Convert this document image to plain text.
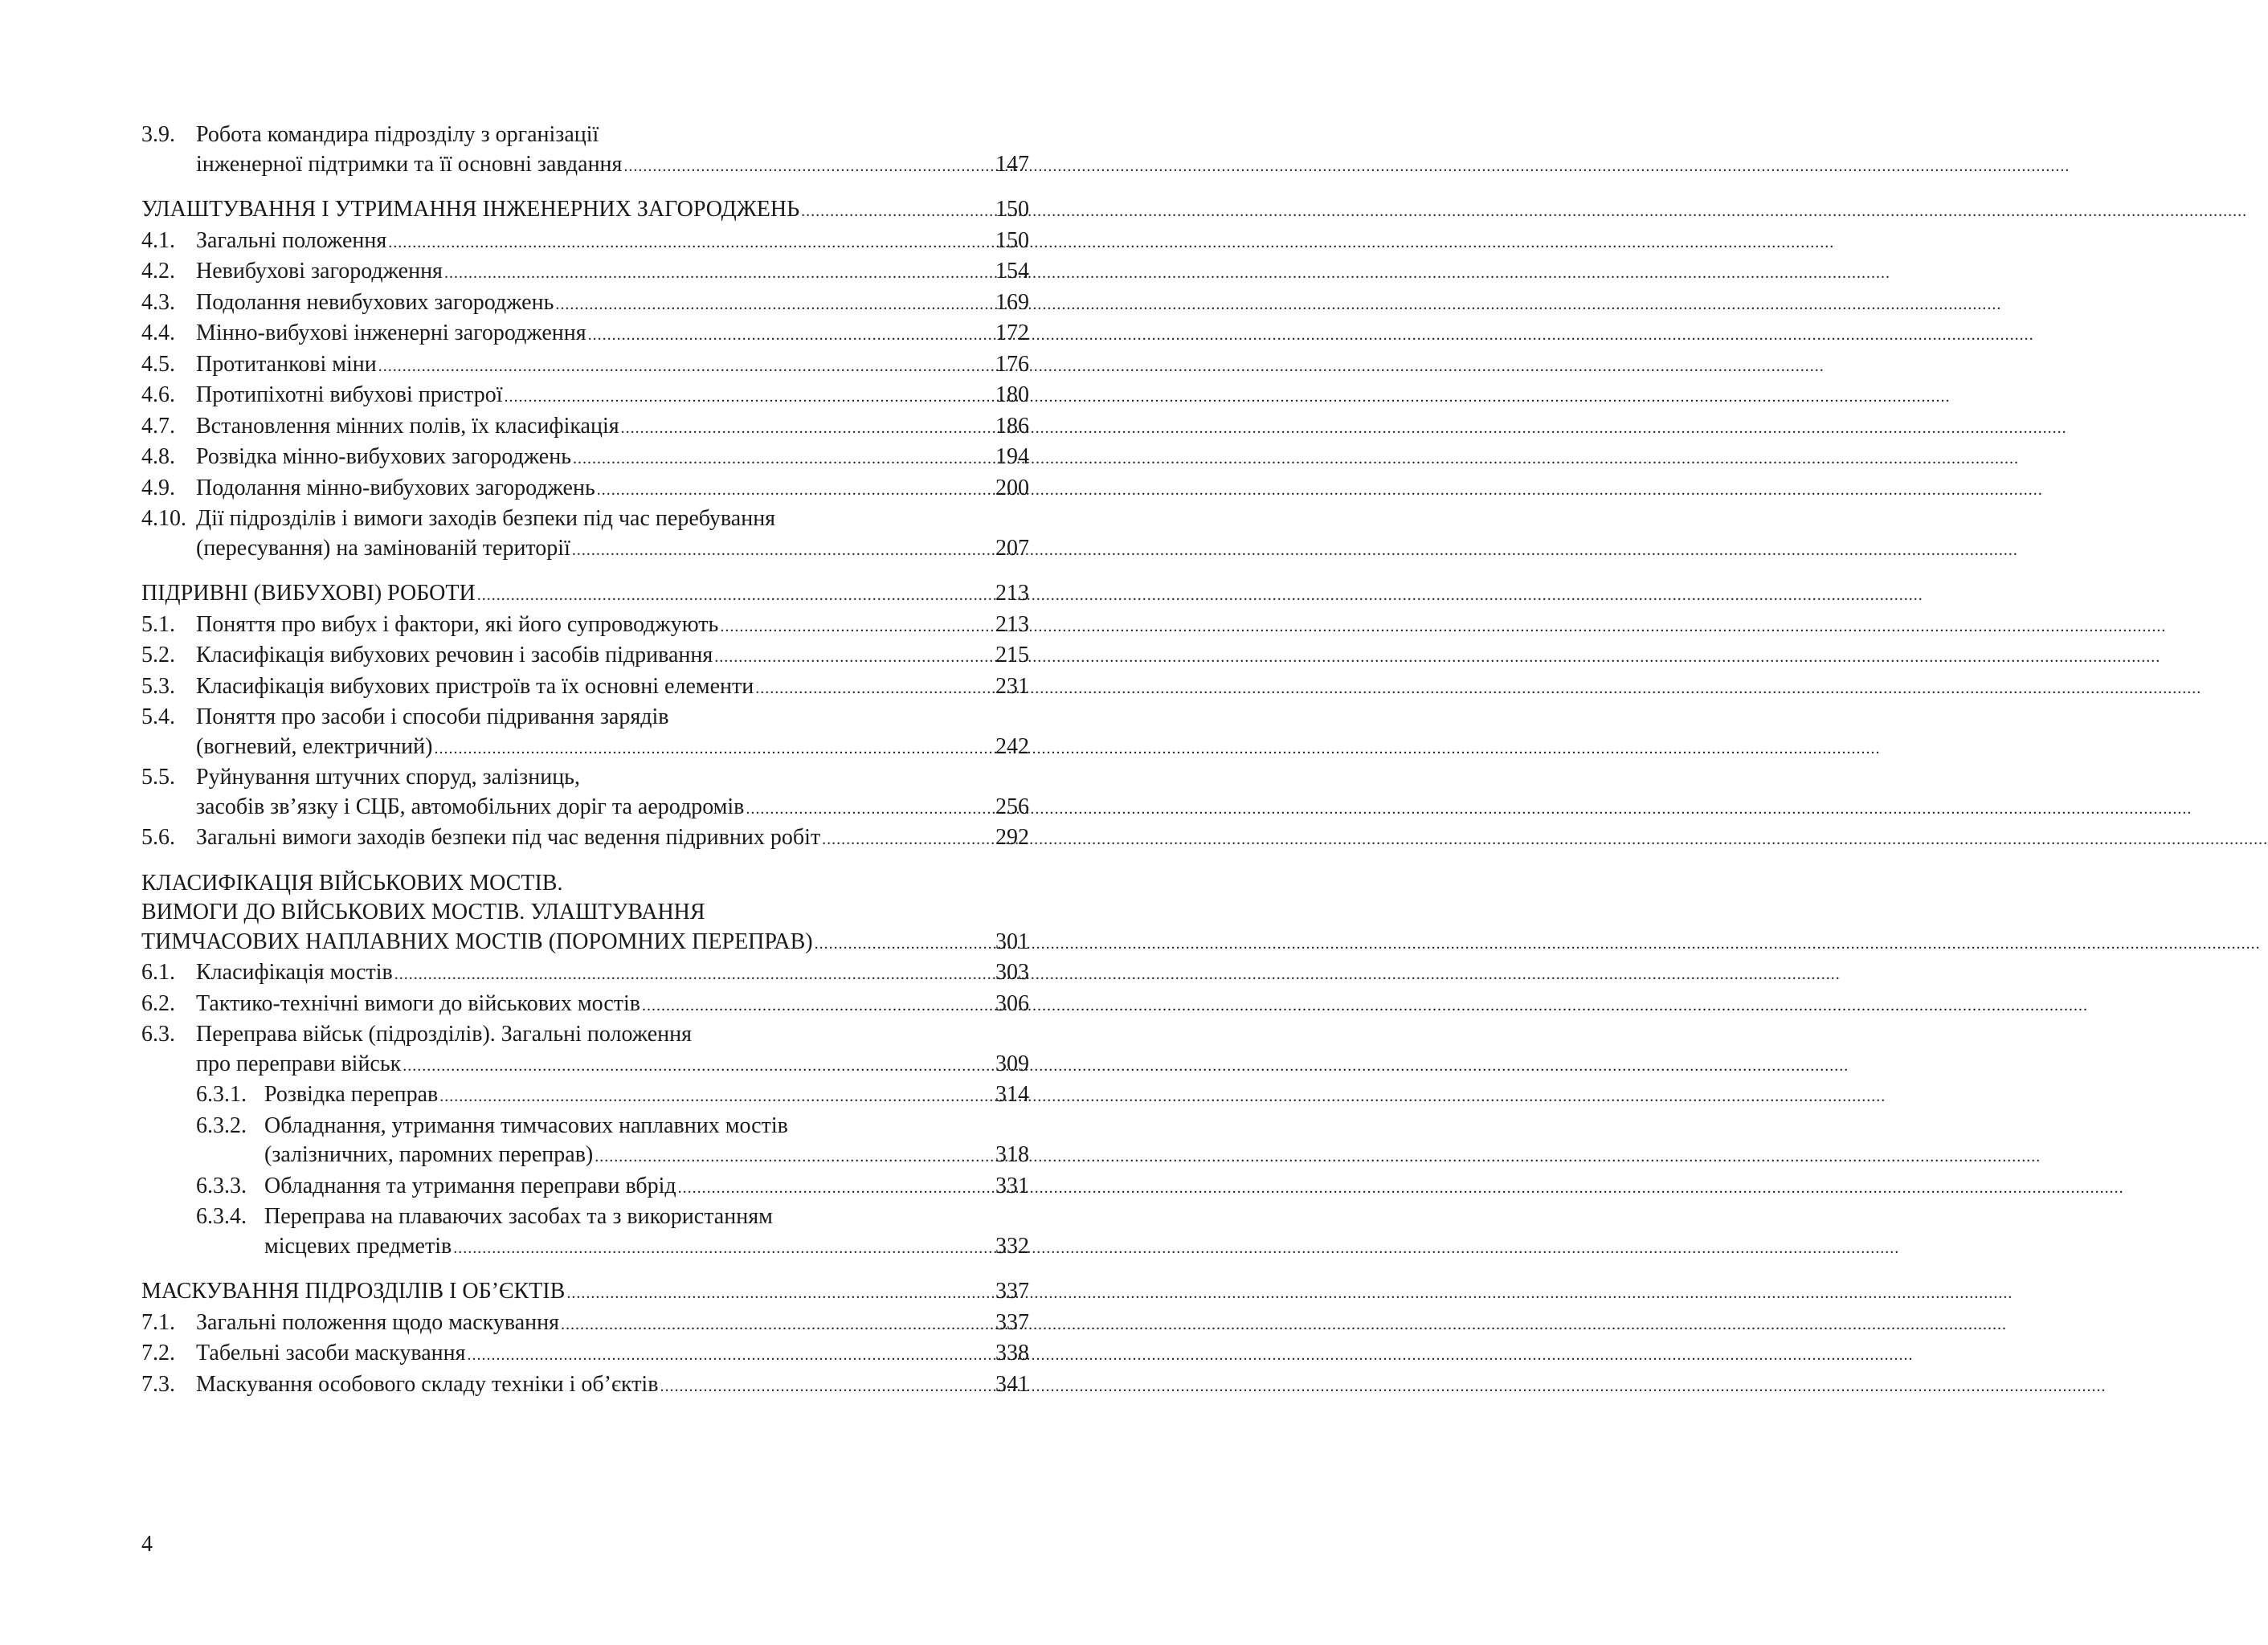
3.9. Робота командира підрозділу з організації
інженерної підтримки та її основні завдання .....	147
УЛАШТУВАННЯ І УТРИМАННЯ ІНЖЕНЕРНИХ ЗАГОРОДЖЕНЬ .....	150
4.1. Загальні положення .....	150
4.2. Невибухові загородження .....	154
4.3. Подолання невибухових загороджень .....	169
4.4. Мінно-вибухові інженерні загородження .....	172
4.5. Протитанкові міни .....	176
4.6. Протипіхотні вибухові пристрої .....	180
4.7. Встановлення мінних полів, їх класифікація .....	186
4.8. Розвідка мінно-вибухових загороджень .....	194
4.9. Подолання мінно-вибухових загороджень .....	200
4.10. Дії підрозділів і вимоги заходів безпеки під час перебування
(пересування) на замінованій території .....	207
ПІДРИВНІ (ВИБУХОВІ) РОБОТИ .....	213
5.1. Поняття про вибух і фактори, які його супроводжують .....	213
5.2. Класифікація вибухових речовин і засобів підривання .....	215
5.3. Класифікація вибухових пристроїв та їх основні елементи .....	231
5.4. Поняття про засоби і способи підривання зарядів
(вогневий, електричний) .....	242
5.5. Руйнування штучних споруд, залізниць,
засобів зв’язку і СЦБ, автомобільних доріг та аеродромів .....	256
5.6. Загальні вимоги заходів безпеки під час ведення підривних робіт .....	292
КЛАСИФІКАЦІЯ ВІЙСЬКОВИХ МОСТІВ.
ВИМОГИ ДО ВІЙСЬКОВИХ МОСТІВ. УЛАШТУВАННЯ
ТИМЧАСОВИХ НАПЛАВНИХ МОСТІВ (ПОРОМНИХ ПЕРЕПРАВ) .....	301
6.1. Класифікація мостів .....	303
6.2. Тактико-технічні вимоги до військових мостів .....	306
6.3. Переправа військ (підрозділів). Загальні положення
про переправи військ .....	309
6.3.1. Розвідка переправ .....	314
6.3.2. Обладнання, утримання тимчасових наплавних мостів
(залізничних, паромних переправ) .....	318
6.3.3. Обладнання та утримання переправи вбрід .....	331
6.3.4. Переправа на плаваючих засобах та з використанням
місцевих предметів .....	332
МАСКУВАННЯ ПІДРОЗДІЛІВ І ОБ’ЄКТІВ .....	337
7.1. Загальні положення щодо маскування .....	337
7.2. Табельні засоби маскування .....	338
7.3. Маскування особового складу техніки і об’єктів .....	341
4
